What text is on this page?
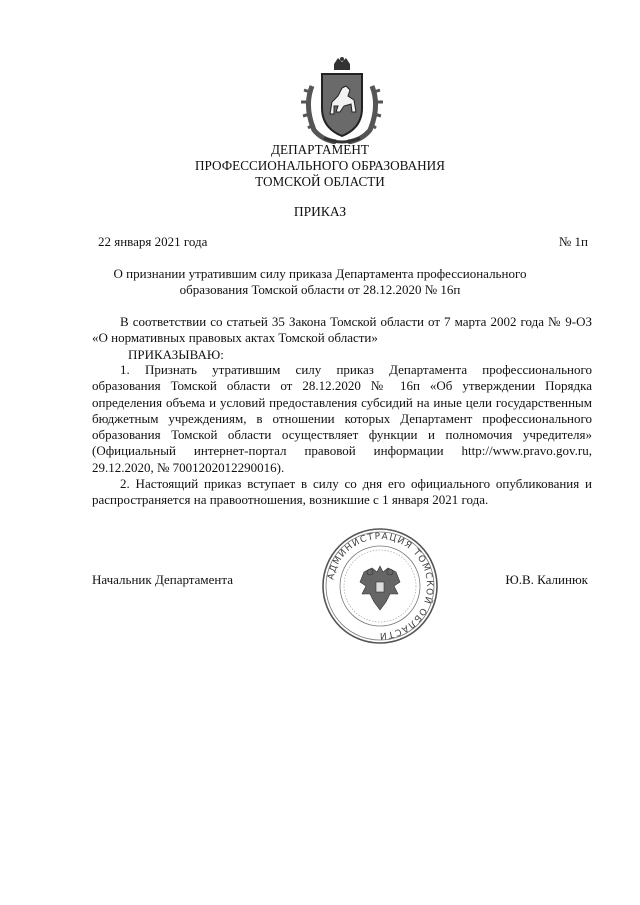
ДЕПАРТАМЕНТ
ПРОФЕССИОНАЛЬНОГО ОБРАЗОВАНИЯ
ТОМСКОЙ ОБЛАСТИ
ПРИКАЗ
22 января 2021 года	№ 1п
О признании утратившим силу приказа Департамента профессионального
образования Томской области от 28.12.2020 № 16п
В соответствии со статьей 35 Закона Томской области от 7 марта 2002 года № 9-ОЗ «О нормативных правовых актах Томской области»
ПРИКАЗЫВАЮ:
1. Признать утратившим силу приказ Департамента профессионального образования Томской области от 28.12.2020 № 16п «Об утверждении Порядка определения объема и условий предоставления субсидий на иные цели государственным бюджетным учреждениям, в отношении которых Департамент профессионального образования Томской области осуществляет функции и полномочия учредителя» (Официальный интернет-портал правовой информации http://www.pravo.gov.ru, 29.12.2020, № 7001202012290016).
2. Настоящий приказ вступает в силу со дня его официального опубликования и распространяется на правоотношения, возникшие с 1 января 2021 года.
Начальник Департамента	Ю.В. Калинюк
АДМИНИСТРАЦИЯ ТОМСКОЙ ОБЛАСТИ
